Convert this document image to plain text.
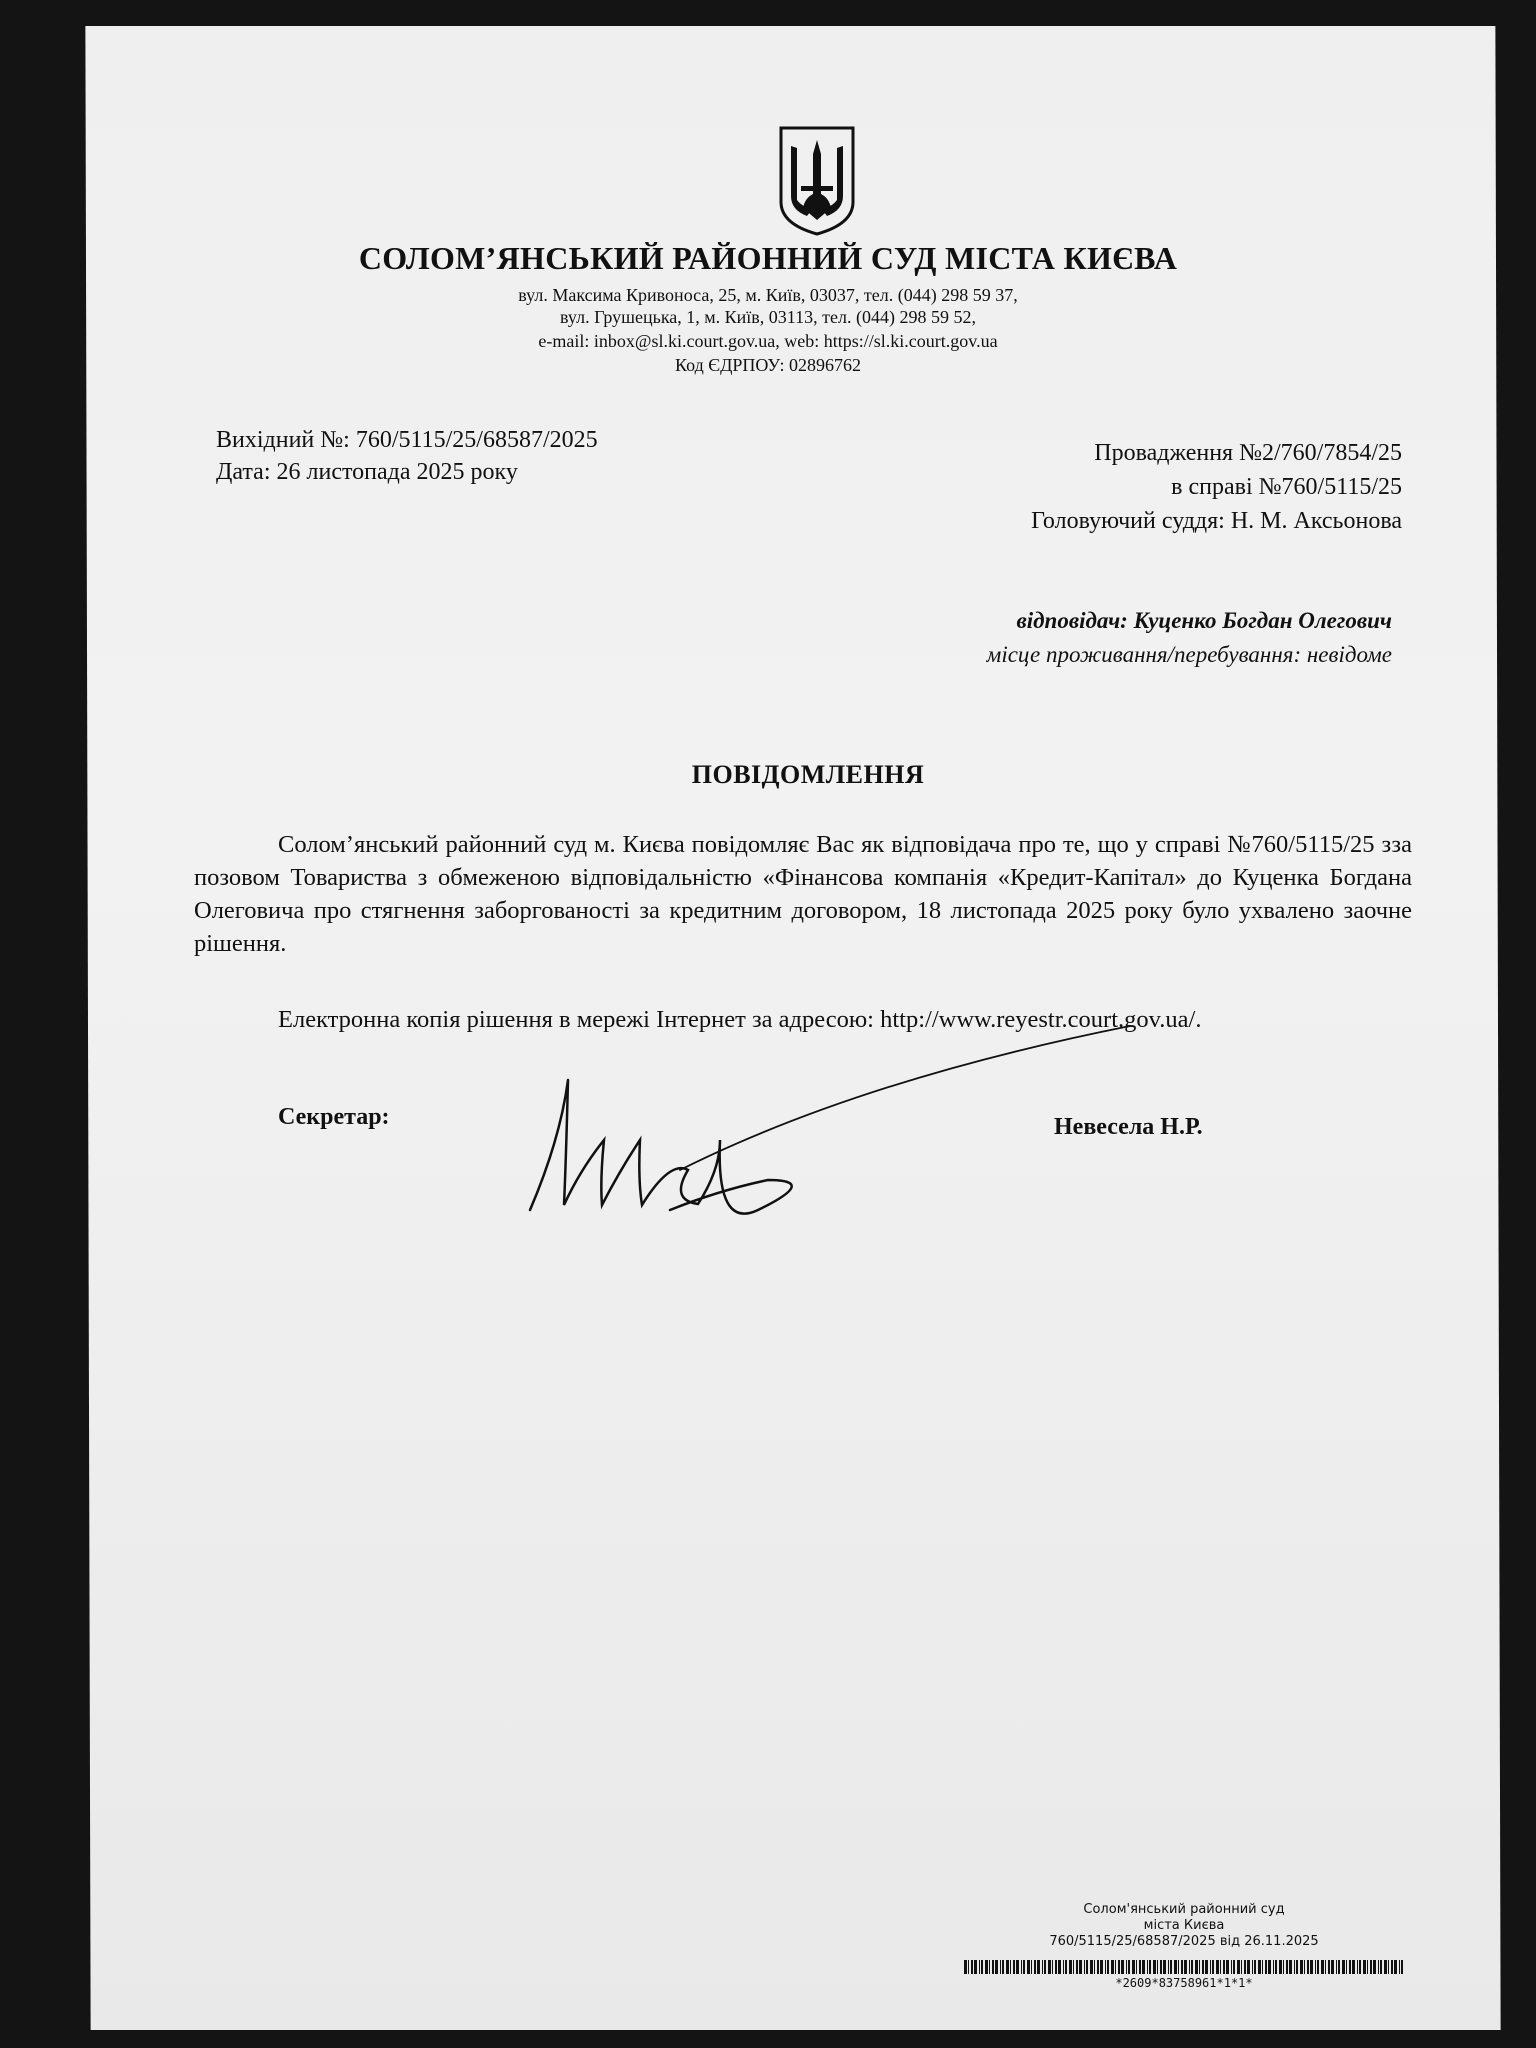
СОЛОМ’ЯНСЬКИЙ РАЙОННИЙ СУД МІСТА КИЄВА
вул. Максима Кривоноса, 25, м. Київ, 03037, тел. (044) 298 59 37,
вул. Грушецька, 1, м. Київ, 03113, тел. (044) 298 59 52,
e-mail: inbox@sl.ki.court.gov.ua, web: https://sl.ki.court.gov.ua
Код ЄДРПОУ: 02896762
Вихідний №: 760/5115/25/68587/2025
Дата: 26 листопада 2025 року
Провадження №2/760/7854/25
в справі №760/5115/25
Головуючий суддя: Н. М. Аксьонова
відповідач: Куценко Богдан Олегович
місце проживання/перебування: невідоме
ПОВІДОМЛЕННЯ
Солом’янський районний суд м. Києва повідомляє Вас як відповідача про те, що у справі №760/5115/25 зза позовом Товариства з обмеженою відповідальністю «Фінансова компанія «Кредит-Капітал» до Куценка Богдана Олеговича про стягнення заборгованості за кредитним договором, 18 листопада 2025 року було ухвалено заочне рішення.
Електронна копія рішення в мережі Інтернет за адресою: http://www.reyestr.court.gov.ua/.
Секретар:	Невесела Н.Р.
Солом'янський районний суд
міста Києва
760/5115/25/68587/2025 від 26.11.2025
*2609*83758961*1*1*
